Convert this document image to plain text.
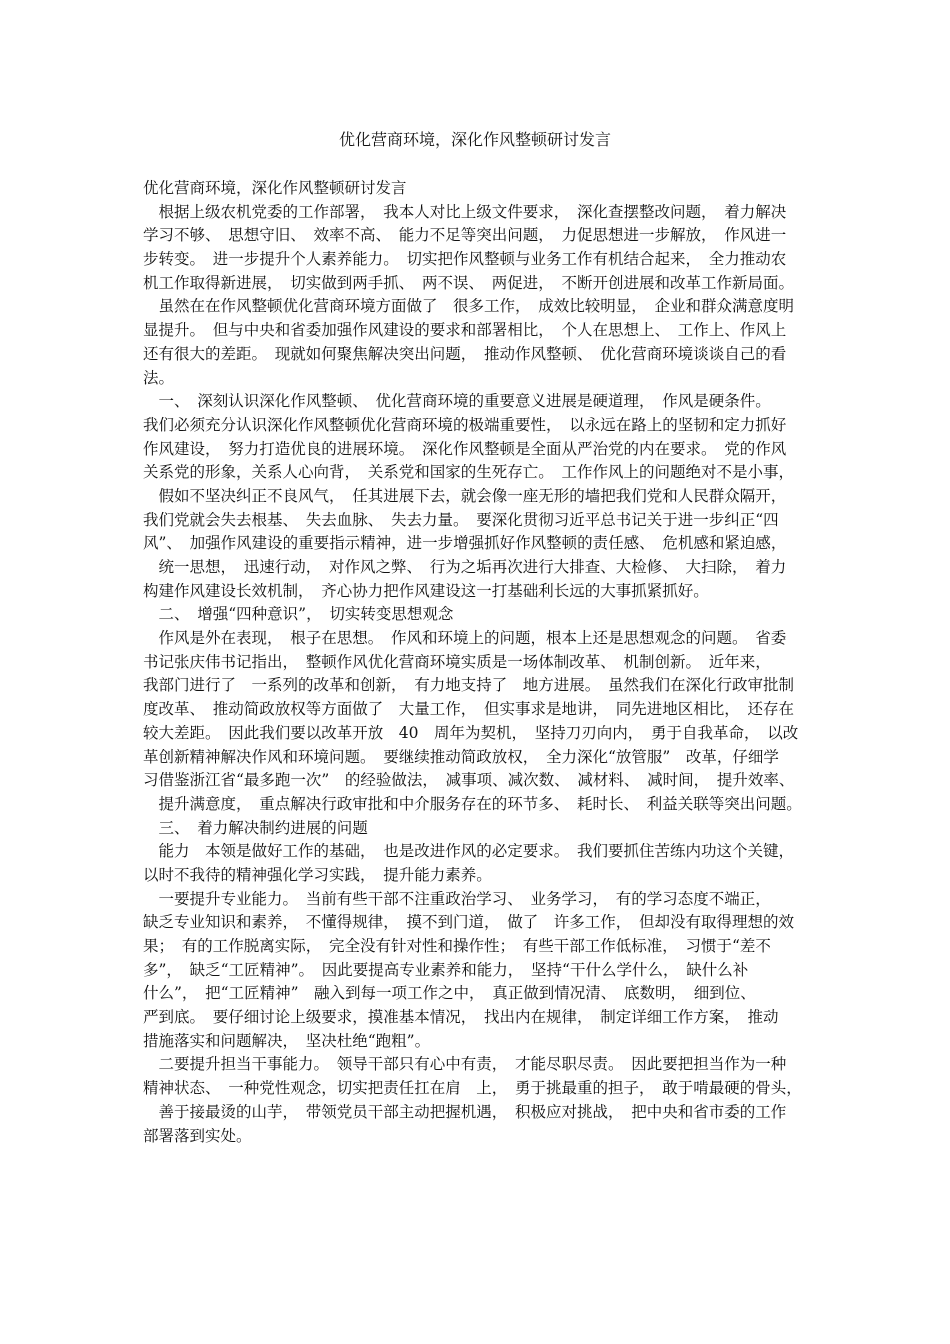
优化营商环境，深化作风整顿研讨发言
优化营商环境，深化作风整顿研讨发言
　根据上级农机党委的工作部署，　我本人对比上级文件要求，　深化查摆整改问题，　着力解决
学习不够、　思想守旧、　效率不高、　能力不足等突出问题，　力促思想进一步解放，　作风进一
步转变。　进一步提升个人素养能力。　切实把作风整顿与业务工作有机结合起来，　全力推动农
机工作取得新进展，　切实做到两手抓、　两不误、　两促进，　不断开创进展和改革工作新局面。
　虽然在在作风整顿优化营商环境方面做了　很多工作，　成效比较明显，　企业和群众满意度明
显提升。　但与中央和省委加强作风建设的要求和部署相比，　个人在思想上、　工作上、作风上
还有很大的差距。　现就如何聚焦解决突出问题，　推动作风整顿、　优化营商环境谈谈自己的看
法。
　一、　深刻认识深化作风整顿、　优化营商环境的重要意义进展是硬道理，　作风是硬条件。
我们必须充分认识深化作风整顿优化营商环境的极端重要性，　以永远在路上的坚韧和定力抓好
作风建设，　努力打造优良的进展环境。　深化作风整顿是全面从严治党的内在要求。　党的作风
关系党的形象，关系人心向背，　关系党和国家的生死存亡。　工作作风上的问题绝对不是小事，
　假如不坚决纠正不良风气，　任其进展下去，就会像一座无形的墙把我们党和人民群众隔开，
我们党就会失去根基、　失去血脉、　失去力量。　要深化贯彻习近平总书记关于进一步纠正“四
风”、　加强作风建设的重要指示精神，进一步增强抓好作风整顿的责任感、　危机感和紧迫感，
　统一思想，　迅速行动，　对作风之弊、　行为之垢再次进行大排查、大检修、　大扫除，　着力
构建作风建设长效机制，　齐心协力把作风建设这一打基础利长远的大事抓紧抓好。
　二、　增强“四种意识”，　切实转变思想观念
　作风是外在表现，　根子在思想。　作风和环境上的问题，根本上还是思想观念的问题。　省委
书记张庆伟书记指出，　整顿作风优化营商环境实质是一场体制改革、　机制创新。　近年来，
我部门进行了　一系列的改革和创新，　有力地支持了　地方进展。　虽然我们在深化行政审批制
度改革、　推动简政放权等方面做了　大量工作，　但实事求是地讲，　同先进地区相比，　还存在
较大差距。　因此我们要以改革开放　40　周年为契机，　坚持刀刃向内，　勇于自我革命，　以改
革创新精神解决作风和环境问题。　要继续推动简政放权，　全力深化“放管服”　改革，仔细学
习借鉴浙江省“最多跑一次”　的经验做法，　减事项、减次数、　减材料、　减时间，　提升效率、
　提升满意度，　重点解决行政审批和中介服务存在的环节多、　耗时长、　利益关联等突出问题。
　三、　着力解决制约进展的问题
　能力　本领是做好工作的基础，　也是改进作风的必定要求。　我们要抓住苦练内功这个关键，
以时不我待的精神强化学习实践，　提升能力素养。
　一要提升专业能力。　当前有些干部不注重政治学习、　业务学习，　有的学习态度不端正，
缺乏专业知识和素养，　不懂得规律，　摸不到门道，　做了　许多工作，　但却没有取得理想的效
果；　有的工作脱离实际，　完全没有针对性和操作性；　有些干部工作低标准，　习惯于“差不
多”，　缺乏“工匠精神”。　因此要提高专业素养和能力，　坚持“干什么学什么，　缺什么补
什么”，　把“工匠精神”　融入到每一项工作之中，　真正做到情况清、　底数明，　细到位、
严到底。　要仔细讨论上级要求，摸准基本情况，　找出内在规律，　制定详细工作方案，　推动
措施落实和问题解决，　坚决杜绝“跑粗”。
　二要提升担当干事能力。　领导干部只有心中有责，　才能尽职尽责。　因此要把担当作为一种
精神状态、　一种党性观念，切实把责任扛在肩　上，　勇于挑最重的担子，　敢于啃最硬的骨头，
　善于接最烫的山芋，　带领党员干部主动把握机遇，　积极应对挑战，　把中央和省市委的工作
部署落到实处。
